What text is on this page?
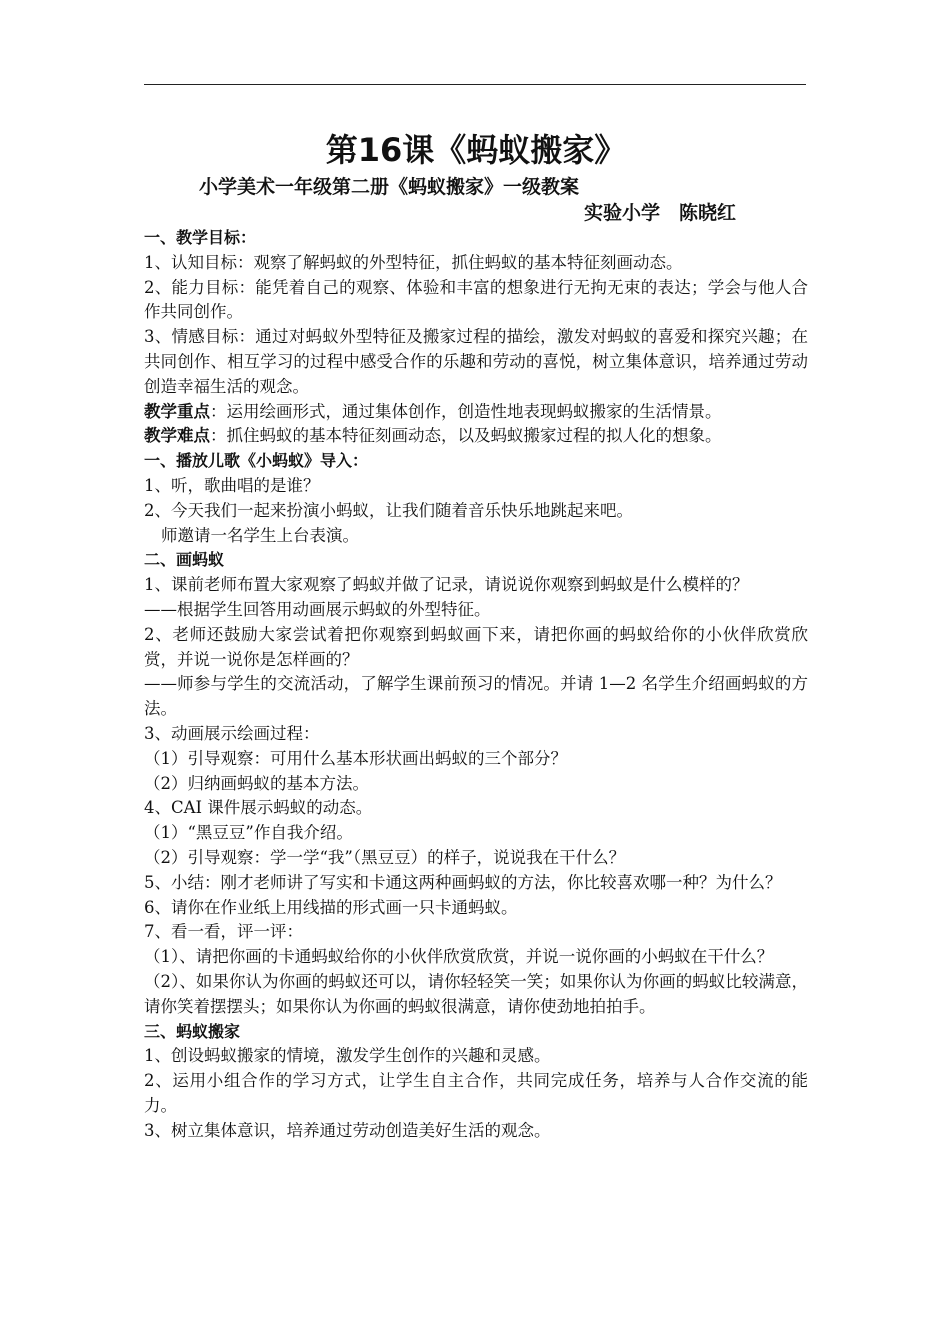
第16课《蚂蚁搬家》
小学美术一年级第二册《蚂蚁搬家》一级教案
实验小学　陈晓红
一、教学目标：
1、认知目标：观察了解蚂蚁的外型特征，抓住蚂蚁的基本特征刻画动态。
2、能力目标：能凭着自己的观察、体验和丰富的想象进行无拘无束的表达；学会与他人合作共同创作。
3、情感目标：通过对蚂蚁外型特征及搬家过程的描绘，激发对蚂蚁的喜爱和探究兴趣；在共同创作、相互学习的过程中感受合作的乐趣和劳动的喜悦，树立集体意识，培养通过劳动创造幸福生活的观念。
教学重点：运用绘画形式，通过集体创作，创造性地表现蚂蚁搬家的生活情景。
教学难点：抓住蚂蚁的基本特征刻画动态，以及蚂蚁搬家过程的拟人化的想象。
一、播放儿歌《小蚂蚁》导入：
1、听，歌曲唱的是谁？
2、今天我们一起来扮演小蚂蚁，让我们随着音乐快乐地跳起来吧。
师邀请一名学生上台表演。
二、画蚂蚁
1、课前老师布置大家观察了蚂蚁并做了记录，请说说你观察到蚂蚁是什么模样的？
——根据学生回答用动画展示蚂蚁的外型特征。
2、老师还鼓励大家尝试着把你观察到蚂蚁画下来，请把你画的蚂蚁给你的小伙伴欣赏欣赏，并说一说你是怎样画的？
——师参与学生的交流活动，了解学生课前预习的情况。并请 1—2 名学生介绍画蚂蚁的方法。
3、动画展示绘画过程：
（1）引导观察：可用什么基本形状画出蚂蚁的三个部分？
（2）归纳画蚂蚁的基本方法。
4、CAI 课件展示蚂蚁的动态。
（1）“黑豆豆”作自我介绍。
（2）引导观察：学一学“我”（黑豆豆）的样子，说说我在干什么？
5、小结：刚才老师讲了写实和卡通这两种画蚂蚁的方法，你比较喜欢哪一种？为什么？
6、请你在作业纸上用线描的形式画一只卡通蚂蚁。
7、看一看，评一评：
（1）、请把你画的卡通蚂蚁给你的小伙伴欣赏欣赏，并说一说你画的小蚂蚁在干什么？
（2）、如果你认为你画的蚂蚁还可以，请你轻轻笑一笑；如果你认为你画的蚂蚁比较满意，请你笑着摆摆头；如果你认为你画的蚂蚁很满意，请你使劲地拍拍手。
三、蚂蚁搬家
1、创设蚂蚁搬家的情境，激发学生创作的兴趣和灵感。
2、运用小组合作的学习方式，让学生自主合作，共同完成任务，培养与人合作交流的能力。
3、树立集体意识，培养通过劳动创造美好生活的观念。
